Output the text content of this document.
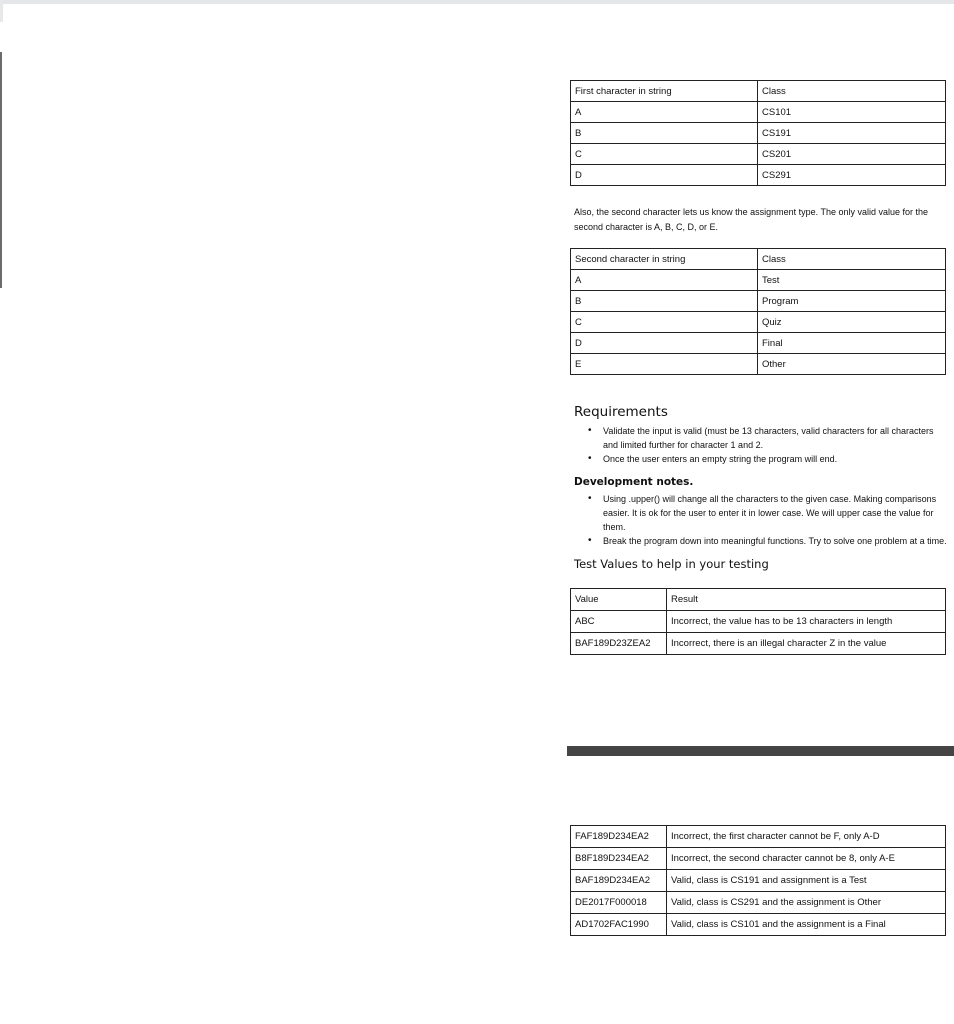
First character in string	Class
A	CS101
B	CS191
C	CS201
D	CS291
Also, the second character lets us know the assignment type. The only valid value for the second character is A, B, C, D, or E.
Second character in string	Class
A	Test
B	Program
C	Quiz
D	Final
E	Other
Requirements
• Validate the input is valid (must be 13 characters, valid characters for all characters and limited further for character 1 and 2.
• Once the user enters an empty string the program will end.
Development notes.
• Using .upper() will change all the characters to the given case. Making comparisons easier. It is ok for the user to enter it in lower case. We will upper case the value for them.
• Break the program down into meaningful functions. Try to solve one problem at a time.
Test Values to help in your testing
Value	Result
ABC	Incorrect, the value has to be 13 characters in length
BAF189D23ZEA2	Incorrect, there is an illegal character Z in the value
FAF189D234EA2	Incorrect, the first character cannot be F, only A-D
B8F189D234EA2	Incorrect, the second character cannot be 8, only A-E
BAF189D234EA2	Valid, class is CS191 and assignment is a Test
DE2017F000018	Valid, class is CS291 and the assignment is Other
AD1702FAC1990	Valid, class is CS101 and the assignment is a Final
